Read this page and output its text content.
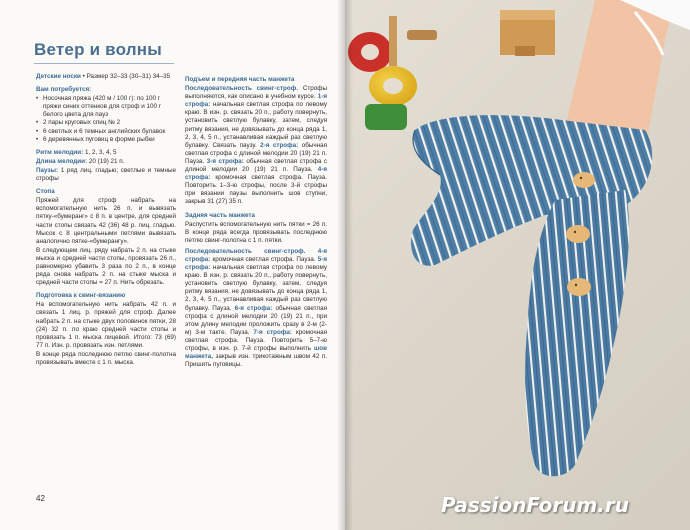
Ветер и волны
Детские носки • Размер 32–33 (30–31) 34–35
Вам потребуется:
• Носочная пряжа (420 м / 100 г): по 100 г пряжи синих оттенков для строф и 100 г белого цвета для пауз
• 2 пары круговых спиц № 2
• 6 светлых и 6 темных английских булавок
• 6 деревянных пуговиц в форме рыбки
Ритм мелодии: 1, 2, 3, 4, 5
Длина мелодии: 20 (19) 21 п.
Паузы: 1 ряд лиц. гладью; светлые и темные строфы
Стопа
Пряжей для строф набрать на вспомогательную нить 26 п. и вывязать пятку-«бумеранг» с 8 п. в центре, для средней части стопы связать 42 (36) 48 р. лиц. гладью. Мысок с 8 центральными петлями вывязать аналогично пятке-«бумерангу».
В следующем лиц. ряду набрать 2 п. на стыке мыска и средней части стопы, провязать 26 п., равномерно убавить 3 раза по 2 п., в конце ряда снова набрать 2 п. на стыке мыска и средней части стопы = 27 п. Нить обрезать.
Подготовка к свинг-вязанию
На вспомогательную нить набрать 42 п. и связать 1 лиц. р. пряжей для строф. Далее набрать 2 п. на стыке двух половинок пятки, 28 (24) 32 п. по краю средней части стопы и провязать 1 п. мыска лицевой. Итого: 73 (69) 77 п. Изн. р. провязать изн. петлями.
В конце ряда последнюю петлю свинг-полотна провязывать вместе с 1 п. мыска.
Подъем и передняя часть манжета
Последовательность свинг-строф. Строфы выполняются, как описано в учебном курсе. 1-я строфа: начальная светлая строфа по левому краю. В изн. р. связать 20 п., работу повернуть, установить светлую булавку, затем, следуя ритму вязания, не довязывать до конца ряда 1, 2, 3, 4, 5 п., устанавливая каждый раз светлую булавку. Связать паузу. 2-я строфа: обычная светлая строфа с длиной мелодии 20 (19) 21 п. Пауза. 3-я строфа: обычная светлая строфа с длиной мелодии 20 (19) 21 п. Пауза. 4-я строфа: кромочная светлая строфа. Пауза. Повторить 1–3-ю строфы, после 3-й строфы при вязании паузы выполнить шов ступни, закрыв 31 (27) 35 п.
Задняя часть манжета
Распустить вспомогательную нить пятки = 26 п. В конце ряда всегда провязывать последнюю петлю свинг-полотна с 1 п. пятки.
Последовательность свинг-строф. 4-я строфа: кромочная светлая строфа. Пауза. 5-я строфа: начальная светлая строфа по левому краю. В изн. р. связать 20 п., работу повернуть, установить светлую булавку, затем, следуя ритму вязания, не довязывать до конца ряда 1, 2, 3, 4, 5 п., устанавливая каждый раз светлую булавку. Пауза. 6-я строфа: обычная светлая строфа с длиной мелодии 20 (19) 21 п., при этом длину мелодии проложить сразу в 2-м (2-м) 3-м такте. Пауза. 7-я строфа: кромочная светлая строфа. Пауза. Повторить 5–7-ю строфы, в изн. р. 7-й строфы выполнить шов манжета, закрыв изн. трикотажным швом 42 п. Пришить пуговицы.
42	PassionForum.ru
